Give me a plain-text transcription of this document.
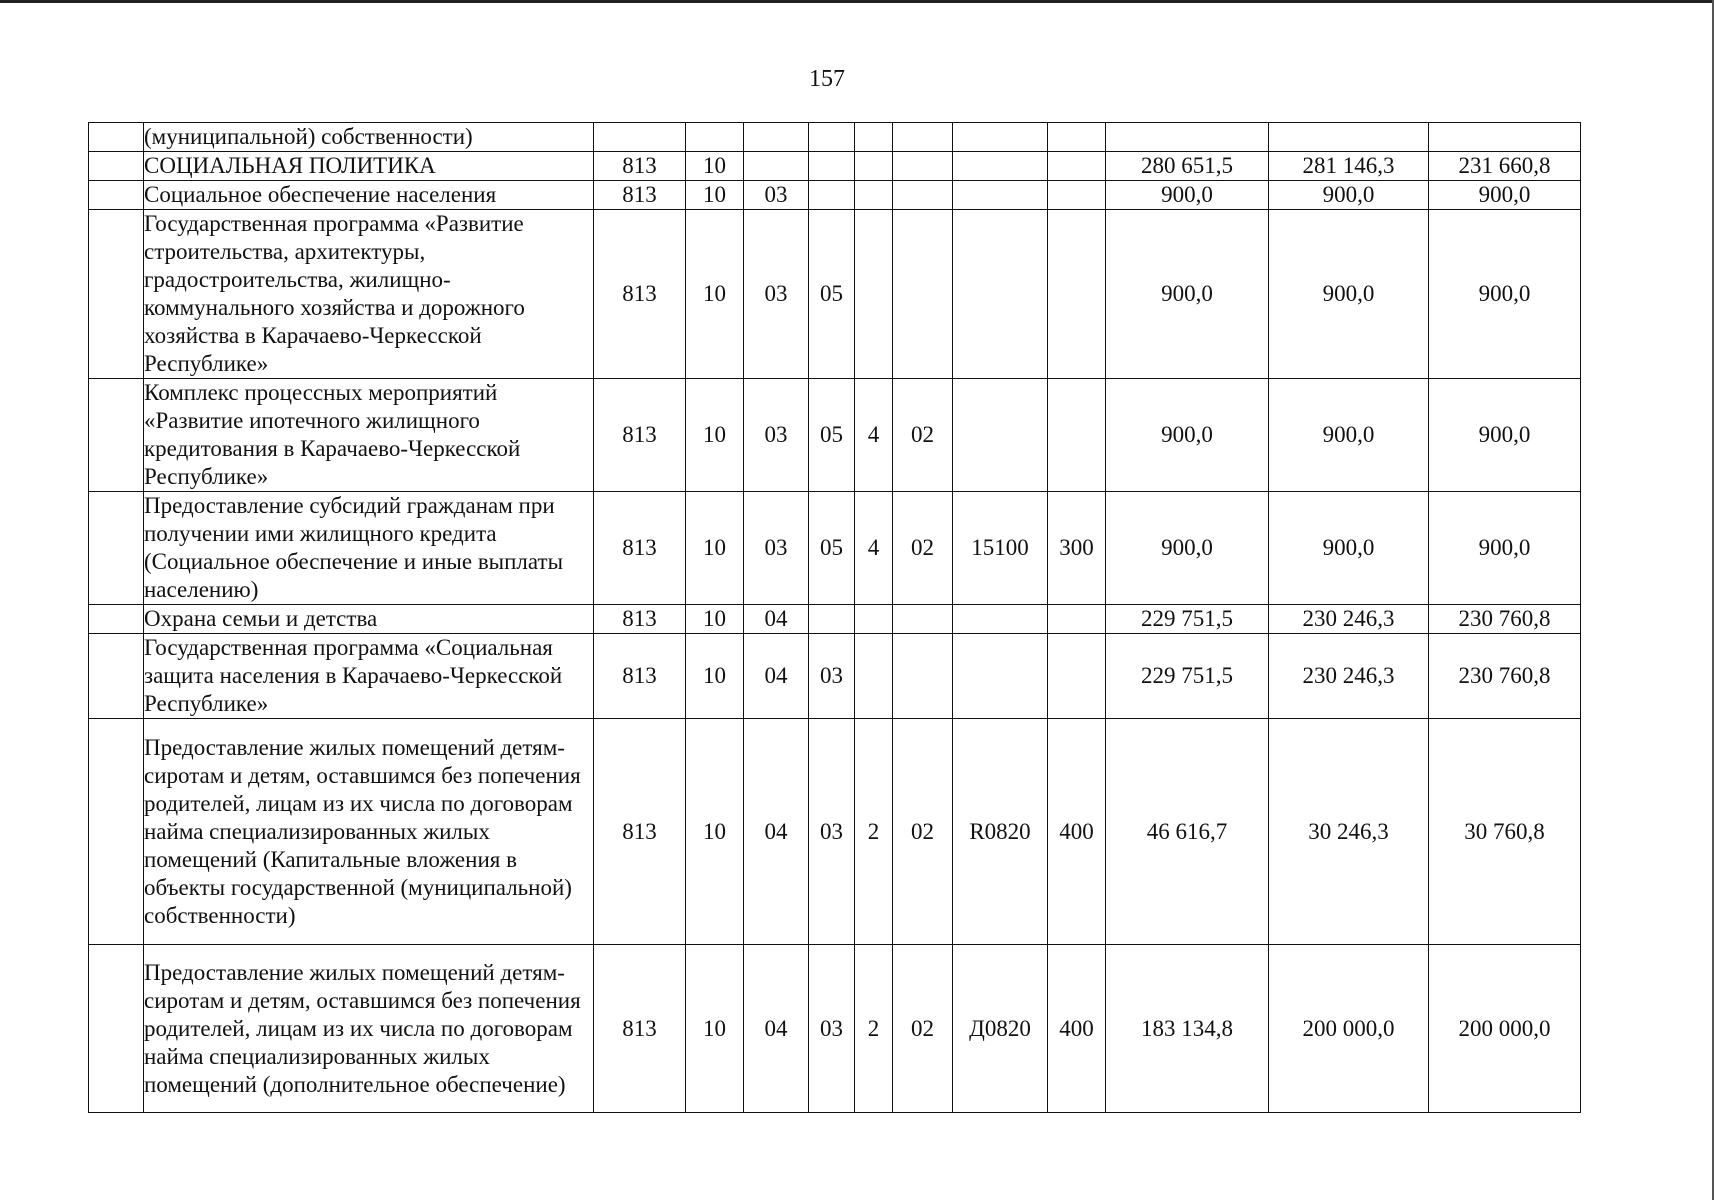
157

	(муниципальной) собственности)											

	СОЦИАЛЬНАЯ ПОЛИТИКА	813	10							280 651,5	281 146,3	231 660,8

	Социальное обеспечение населения	813	10	03						900,0	900,0	900,0

	Государственная программа «Развитие строительства, архитектуры, градостроительства, жилищно-коммунального хозяйства и дорожного хозяйства в Карачаево-Черкесской Республике»	813	10	03	05					900,0	900,0	900,0

	Комплекс процессных мероприятий «Развитие ипотечного жилищного кредитования в Карачаево-Черкесской Республике»	813	10	03	05	4	02			900,0	900,0	900,0

	Предоставление субсидий гражданам при получении ими жилищного кредита (Социальное обеспечение и иные выплаты населению)	813	10	03	05	4	02	15100	300	900,0	900,0	900,0

	Охрана семьи и детства	813	10	04						229 751,5	230 246,3	230 760,8

	Государственная программа «Социальная защита населения в Карачаево-Черкесской Республике»	813	10	04	03					229 751,5	230 246,3	230 760,8

	Предоставление жилых помещений детям-сиротам и детям, оставшимся без попечения родителей, лицам из их числа по договорам найма специализированных жилых помещений (Капитальные вложения в объекты государственной (муниципальной) собственности)	813	10	04	03	2	02	R0820	400	46 616,7	30 246,3	30 760,8

	Предоставление жилых помещений детям-сиротам и детям, оставшимся без попечения родителей, лицам из их числа по договорам найма специализированных жилых помещений (дополнительное обеспечение)	813	10	04	03	2	02	Д0820	400	183 134,8	200 000,0	200 000,0
